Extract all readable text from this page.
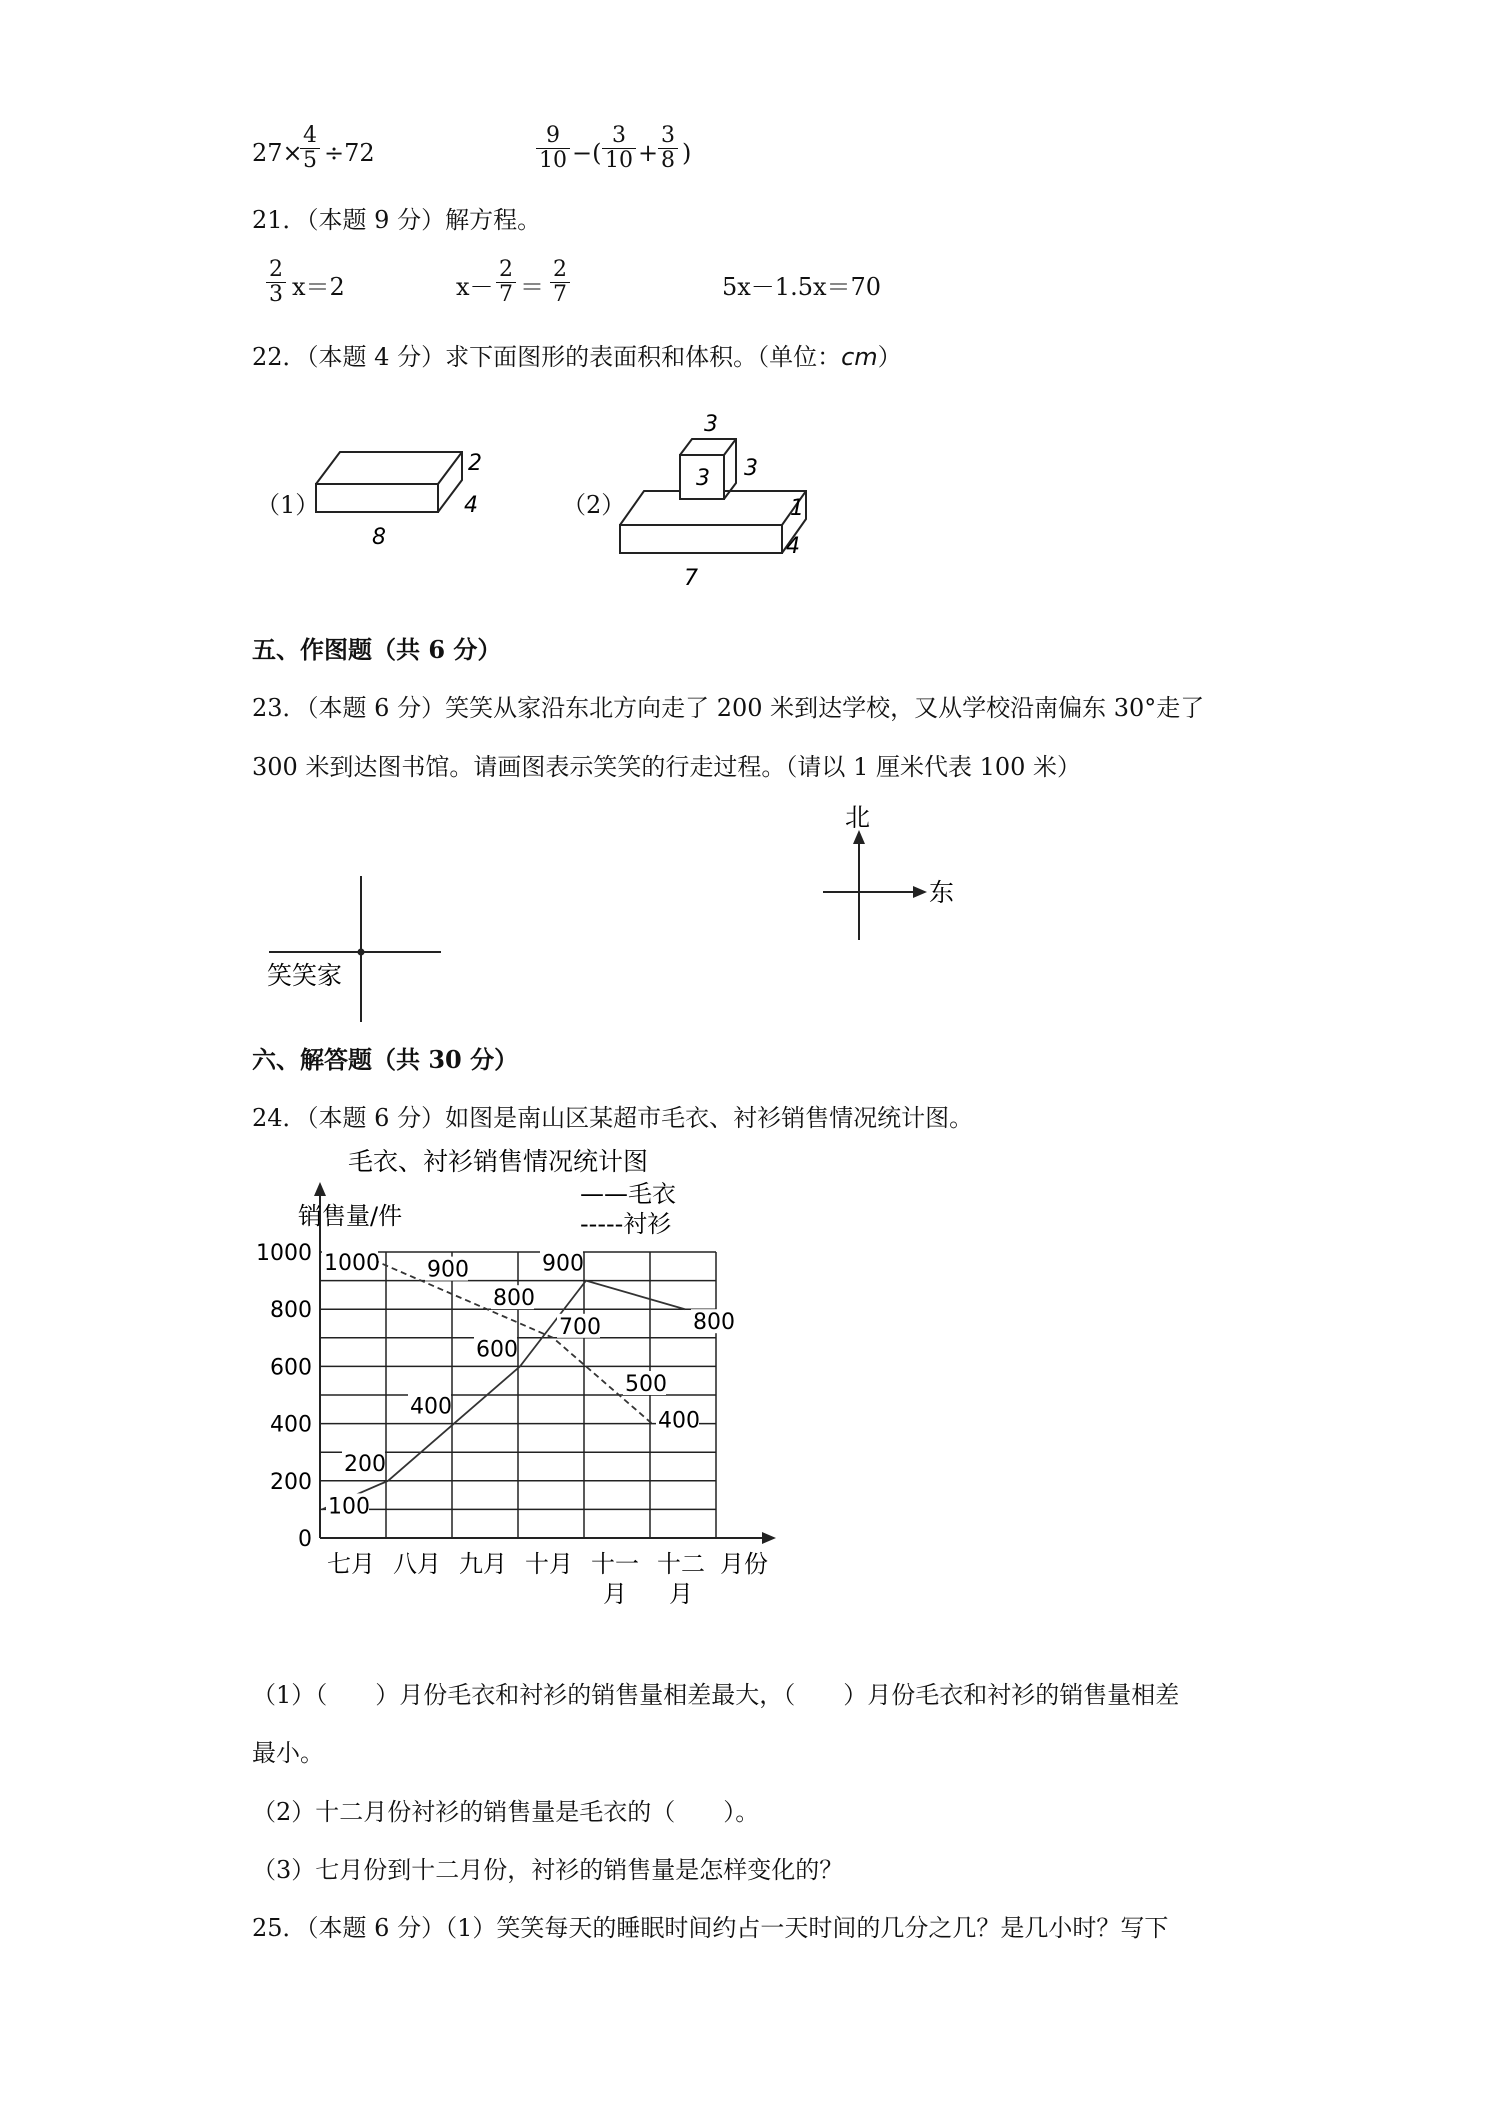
27×
$\frac{4}{5} \div 72$	$\frac{9}{10}$ −( $\frac{3}{10} + \frac{3}{8}$ )
21．（本题 9 分）解方程。
$\frac{2}{3} x=2$	$x- \frac{2}{7} = \frac{2}{7}$	5x－1.5x＝70
22．（本题 4 分）求下面图形的表面积和体积。（单位：cm）
（1）
2
4
8
（2）
3
3
3
1
4
7
五、作图题（共 6 分）
23．（本题 6 分）笑笑从家沿东北方向走了 200 米到达学校，又从学校沿南偏东 30°走了
300 米到达图书馆。请画图表示笑笑的行走过程。（请以 1 厘米代表 100 米）
笑笑家
北
东
六、解答题（共 30 分）
24．（本题 6 分）如图是南山区某超市毛衣、衬衫销售情况统计图。
0
200
400
600
800
1000
七月 八月 九月 十月 十一
月
十二
月
100
200
400
600
900
800
1000 900
800
700
500
400
毛衣、衬衫销售情况统计图
销售量/件
月份
——毛衣
-----衬衫
（1）（　　）月份毛衣和衬衫的销售量相差最大，（　　）月份毛衣和衬衫的销售量相差
最小。
（2）十二月份衬衫的销售量是毛衣的（　　）。
（3）七月份到十二月份，衬衫的销售量是怎样变化的？
25．（本题 6 分）（1）笑笑每天的睡眠时间约占一天时间的几分之几？是几小时？写下
